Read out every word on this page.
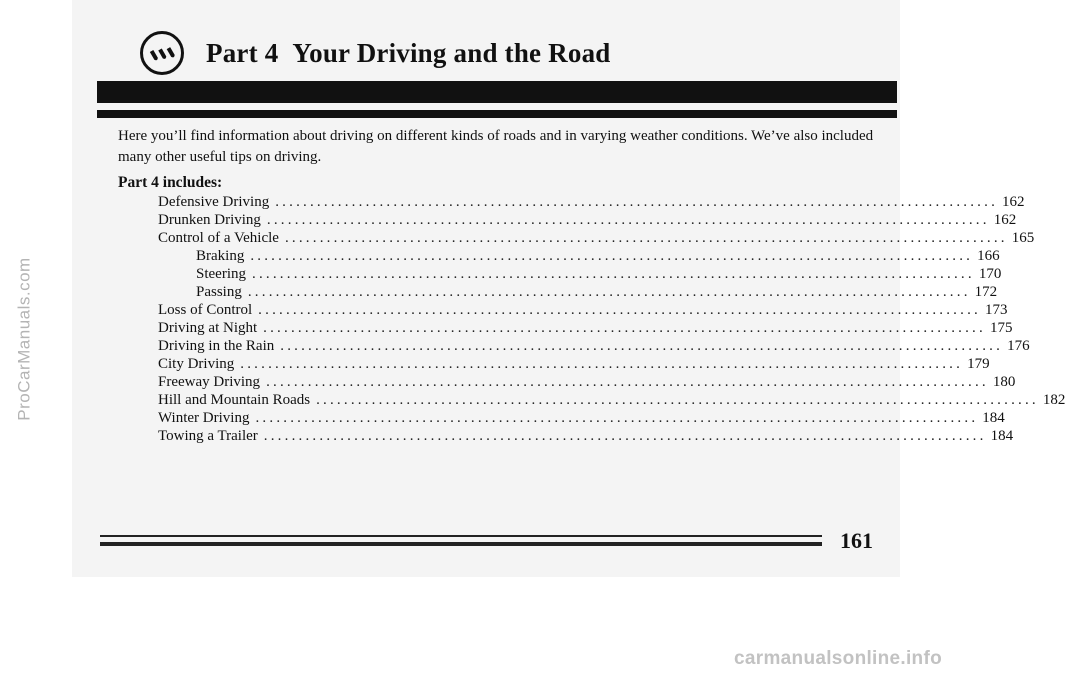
ProCarManuals.com
Part 4 Your Driving and the Road

Here you’ll find information about driving on different kinds of roads and in varying weather conditions. We’ve also included many other useful tips on driving.

Part 4 includes:
Defensive Driving ........................................................................................................ 162
Drunken Driving ........................................................................................................ 162
Control of a Vehicle ........................................................................................................ 165
Braking ........................................................................................................ 166
Steering ........................................................................................................ 170
Passing ........................................................................................................ 172
Loss of Control ........................................................................................................ 173
Driving at Night ........................................................................................................ 175
Driving in the Rain ........................................................................................................ 176
City Driving ........................................................................................................ 179
Freeway Driving ........................................................................................................ 180
Hill and Mountain Roads ........................................................................................................ 182
Winter Driving ........................................................................................................ 184
Towing a Trailer ........................................................................................................ 184
161
carmanualsonline.info
